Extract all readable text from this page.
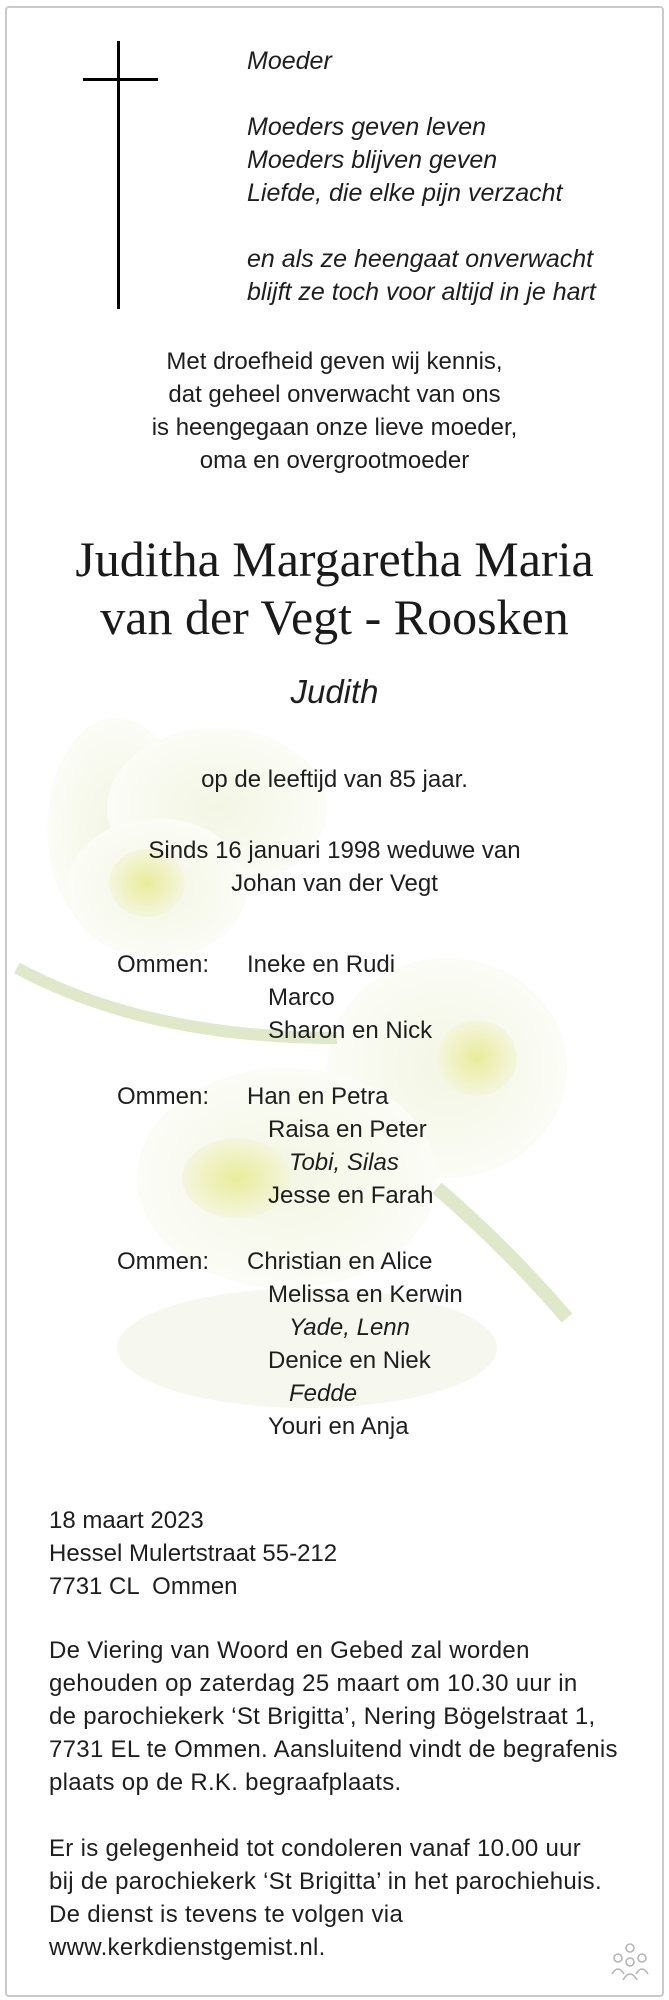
Moeder
Moeders geven leven
Moeders blijven geven
Liefde, die elke pijn verzacht
en als ze heengaat onverwacht
blijft ze toch voor altijd in je hart
Met droefheid geven wij kennis,
dat geheel onverwacht van ons
is heengegaan onze lieve moeder,
oma en overgrootmoeder
Juditha Margaretha Maria
van der Vegt - Roosken
Judith
op de leeftijd van 85 jaar.
Sinds 16 januari 1998 weduwe van
Johan van der Vegt
Ommen: Ineke en Rudi
Marco
Sharon en Nick
Ommen: Han en Petra
Raisa en Peter
Tobi, Silas
Jesse en Farah
Ommen: Christian en Alice
Melissa en Kerwin
Yade, Lenn
Denice en Niek
Fedde
Youri en Anja
18 maart 2023
Hessel Mulertstraat 55-212
7731 CL  Ommen
De Viering van Woord en Gebed zal worden
gehouden op zaterdag 25 maart om 10.30 uur in
de parochiekerk ‘St Brigitta’, Nering Bögelstraat 1,
7731 EL te Ommen. Aansluitend vindt de begrafenis
plaats op de R.K. begraafplaats.
Er is gelegenheid tot condoleren vanaf 10.00 uur
bij de parochiekerk ‘St Brigitta’ in het parochiehuis.
De dienst is tevens te volgen via
www.kerkdienstgemist.nl.
